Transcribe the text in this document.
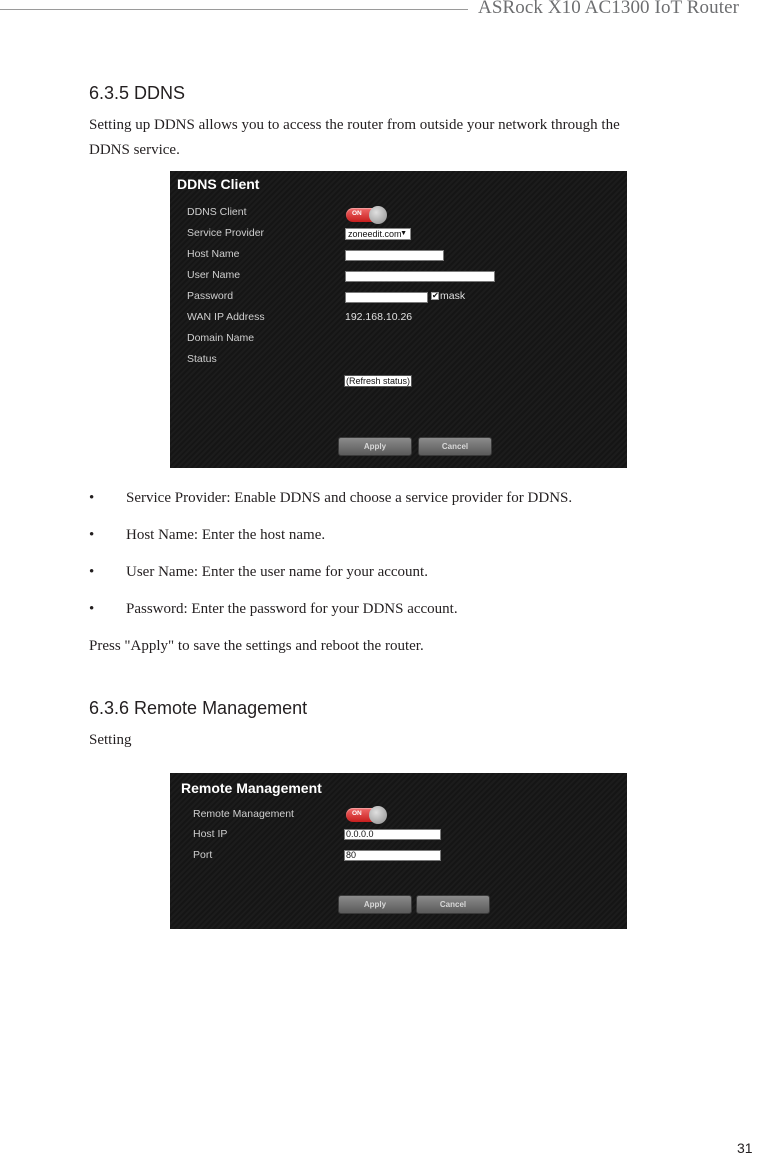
ASRock X10 AC1300 IoT Router
6.3.5 DDNS
Setting up DDNS allows you to access the router from outside your network through the
DDNS service.
DDNS Client
DDNS Client	ON
Service Provider	zoneedit.com
▼
Host Name
User Name
Password	✔ mask
WAN IP Address	192.168.10.26
Domain Name
Status
(Refresh status)
Apply	Cancel
• Service Provider: Enable DDNS and choose a service provider for DDNS.
• Host Name: Enter the host name.
• User Name: Enter the user name for your account.
• Password: Enter the password for your DDNS account.
Press "Apply" to save the settings and reboot the router.
6.3.6 Remote Management
Setting
Remote Management
Remote Management	ON
Host IP	0.0.0.0
Port	80
Apply	Cancel
31
